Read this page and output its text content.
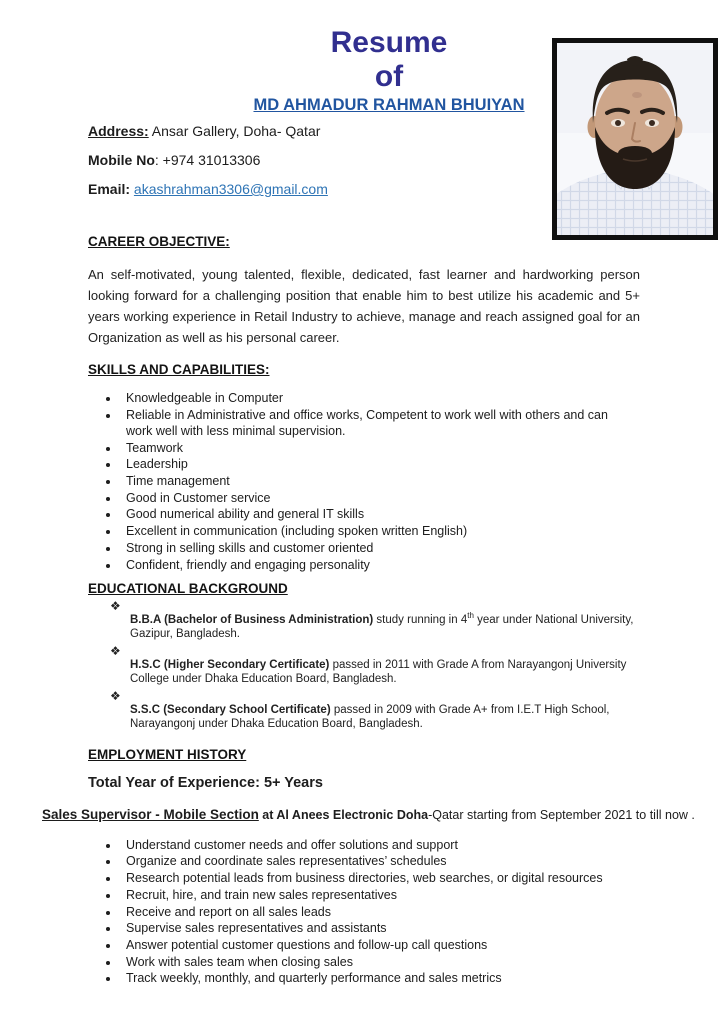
Resume
of
MD AHMADUR RAHMAN BHUIYAN
Address: Ansar Gallery, Doha- Qatar
Mobile No: +974 31013306
Email: akashrahman3306@gmail.com
CAREER OBJECTIVE:
An self-motivated, young talented, flexible, dedicated, fast learner and hardworking person looking forward for a challenging position that enable him to best utilize his academic and 5+ years working experience in Retail Industry to achieve, manage and reach assigned goal for an Organization as well as his personal career.
SKILLS AND CAPABILITIES:
• Knowledgeable in Computer
• Reliable in Administrative and office works, Competent to work well with others and can work well with less minimal supervision.
• Teamwork
• Leadership
• Time management
• Good in Customer service
• Good numerical ability and general IT skills
• Excellent in communication (including spoken written English)
• Strong in selling skills and customer oriented
• Confident, friendly and engaging personality
EDUCATIONAL BACKGROUND
❖
B.B.A (Bachelor of Business Administration) study running in 4th year under National University, Gazipur, Bangladesh.
❖
H.S.C (Higher Secondary Certificate) passed in 2011 with Grade A from Narayangonj University College under Dhaka Education Board, Bangladesh.
❖
S.S.C (Secondary School Certificate) passed in 2009 with Grade A+ from I.E.T High School, Narayangonj under Dhaka Education Board, Bangladesh.
EMPLOYMENT HISTORY
Total Year of Experience: 5+ Years
Sales Supervisor - Mobile Section at Al Anees Electronic Doha-Qatar starting from September 2021 to till now .
• Understand customer needs and offer solutions and support
• Organize and coordinate sales representatives’ schedules
• Research potential leads from business directories, web searches, or digital resources
• Recruit, hire, and train new sales representatives
• Receive and report on all sales leads
• Supervise sales representatives and assistants
• Answer potential customer questions and follow-up call questions
• Work with sales team when closing sales
• Track weekly, monthly, and quarterly performance and sales metrics
